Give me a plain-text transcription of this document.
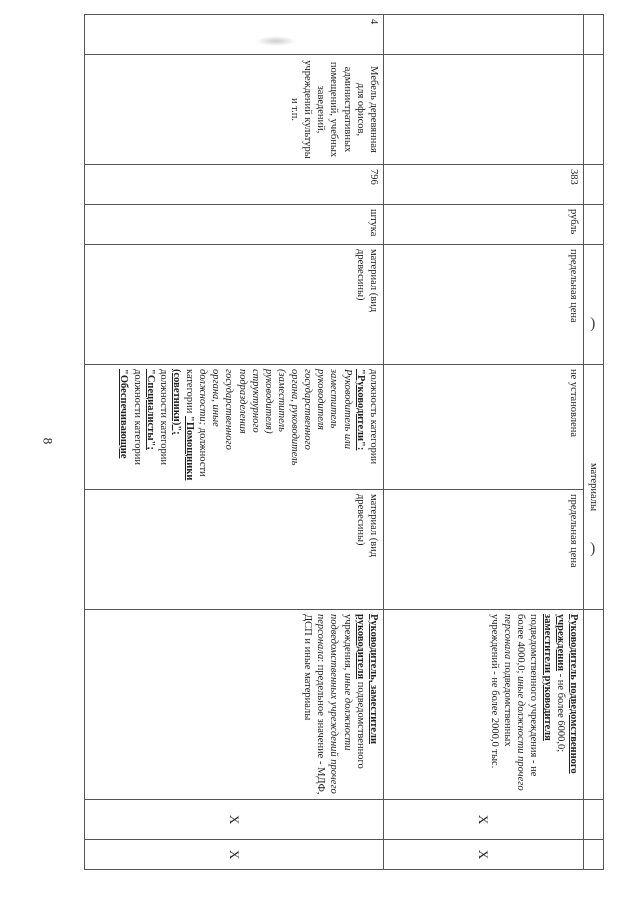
8
					материалы				
		383	рубль	предельная цена	не установлена	предельная цена	Руководитель подведомственного учреждения - не более 6000,0; заместители руководителя подведомственного учреждения - не более 4000,0; иные должности прочего персонала подведомственных учреждений - не более 2000,0 тыс.	X	X
4	Мебель деревянная для офисов, административных помещений, учебных заведений, учреждений культуры и т.п.	796	штука	материал (вид древесины)	должность категории "Руководители": Руководитель или заместитель руководителя государственного органа, руководитель (заместитель руководителя) структурного подразделения государственного органа, иные должности; должности категории "Помощники (советники)"; должности категории "Специалисты"; должности категории "Обеспечивающие	материал (вид древесины)	Руководитель, заместители руководителя подведомственного учреждения, иные должности подведомственных учреждений прочего персонала: предельное значение - МДФ, ДСП и иные материалы	X	X
)
)
